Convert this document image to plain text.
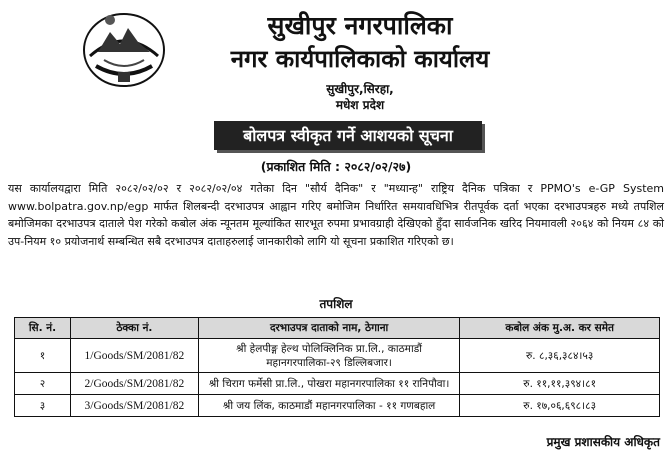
सुखीपुर नगरपालिका
नगर कार्यपालिकाको कार्यालय
सुखीपुर,सिरहा,
मधेश प्रदेश
बोलपत्र स्वीकृत गर्ने आशयको सूचना
(प्रकाशित मिति : २०८२/०२/२७)
यस कार्यालयद्वारा मिति २०८२/०२/०२ र २०८२/०२/०४ गतेका दिन "सौर्य दैनिक" र "मध्यान्ह" राष्ट्रिय दैनिक पत्रिका र PPMO's e-GP System www.bolpatra.gov.np/egp मार्फत शिलबन्दी दरभाउपत्र आह्वान गरिए बमोजिम निर्धारित समयावधिभित्र रीतपूर्वक दर्ता भएका दरभाउपत्रहरु मध्ये तपशिल बमोजिमका दरभाउपत्र दाताले पेश गरेको कबोल अंक न्यूनतम मूल्यांकित सारभूत रुपमा प्रभावग्राही देखिएको हुँदा सार्वजनिक खरिद नियमावली २०६४ को नियम ८४ को उप-नियम १० प्रयोजनार्थ सम्बन्धित सबै दरभाउपत्र दाताहरुलाई जानकारीको लागि यो सूचना प्रकाशित गरिएको छ।
तपशिल
सि. नं.	ठेक्का नं.	दरभाउपत्र दाताको नाम, ठेगाना	कबोल अंक मु.अ. कर समेत
१	1/Goods/SM/2081/82	श्री हेलपीङ्ग हेल्थ पोलिक्लिनिक प्रा.लि., काठमाडौं महानगरपालिका-२९ डिल्लिबजार।	रु. ८,३६,३८४।५३
२	2/Goods/SM/2081/82	श्री चिराग फर्मेसी प्रा.लि., पोखरा महानगरपालिका ११ रानिपौवा।	रु. ११,११,३९४।८१
३	3/Goods/SM/2081/82	श्री जय लिंक, काठमाडौं महानगरपालिका - ११ गणबहाल	रु. १७,०६,६९८।८३
प्रमुख प्रशासकीय अधिकृत
